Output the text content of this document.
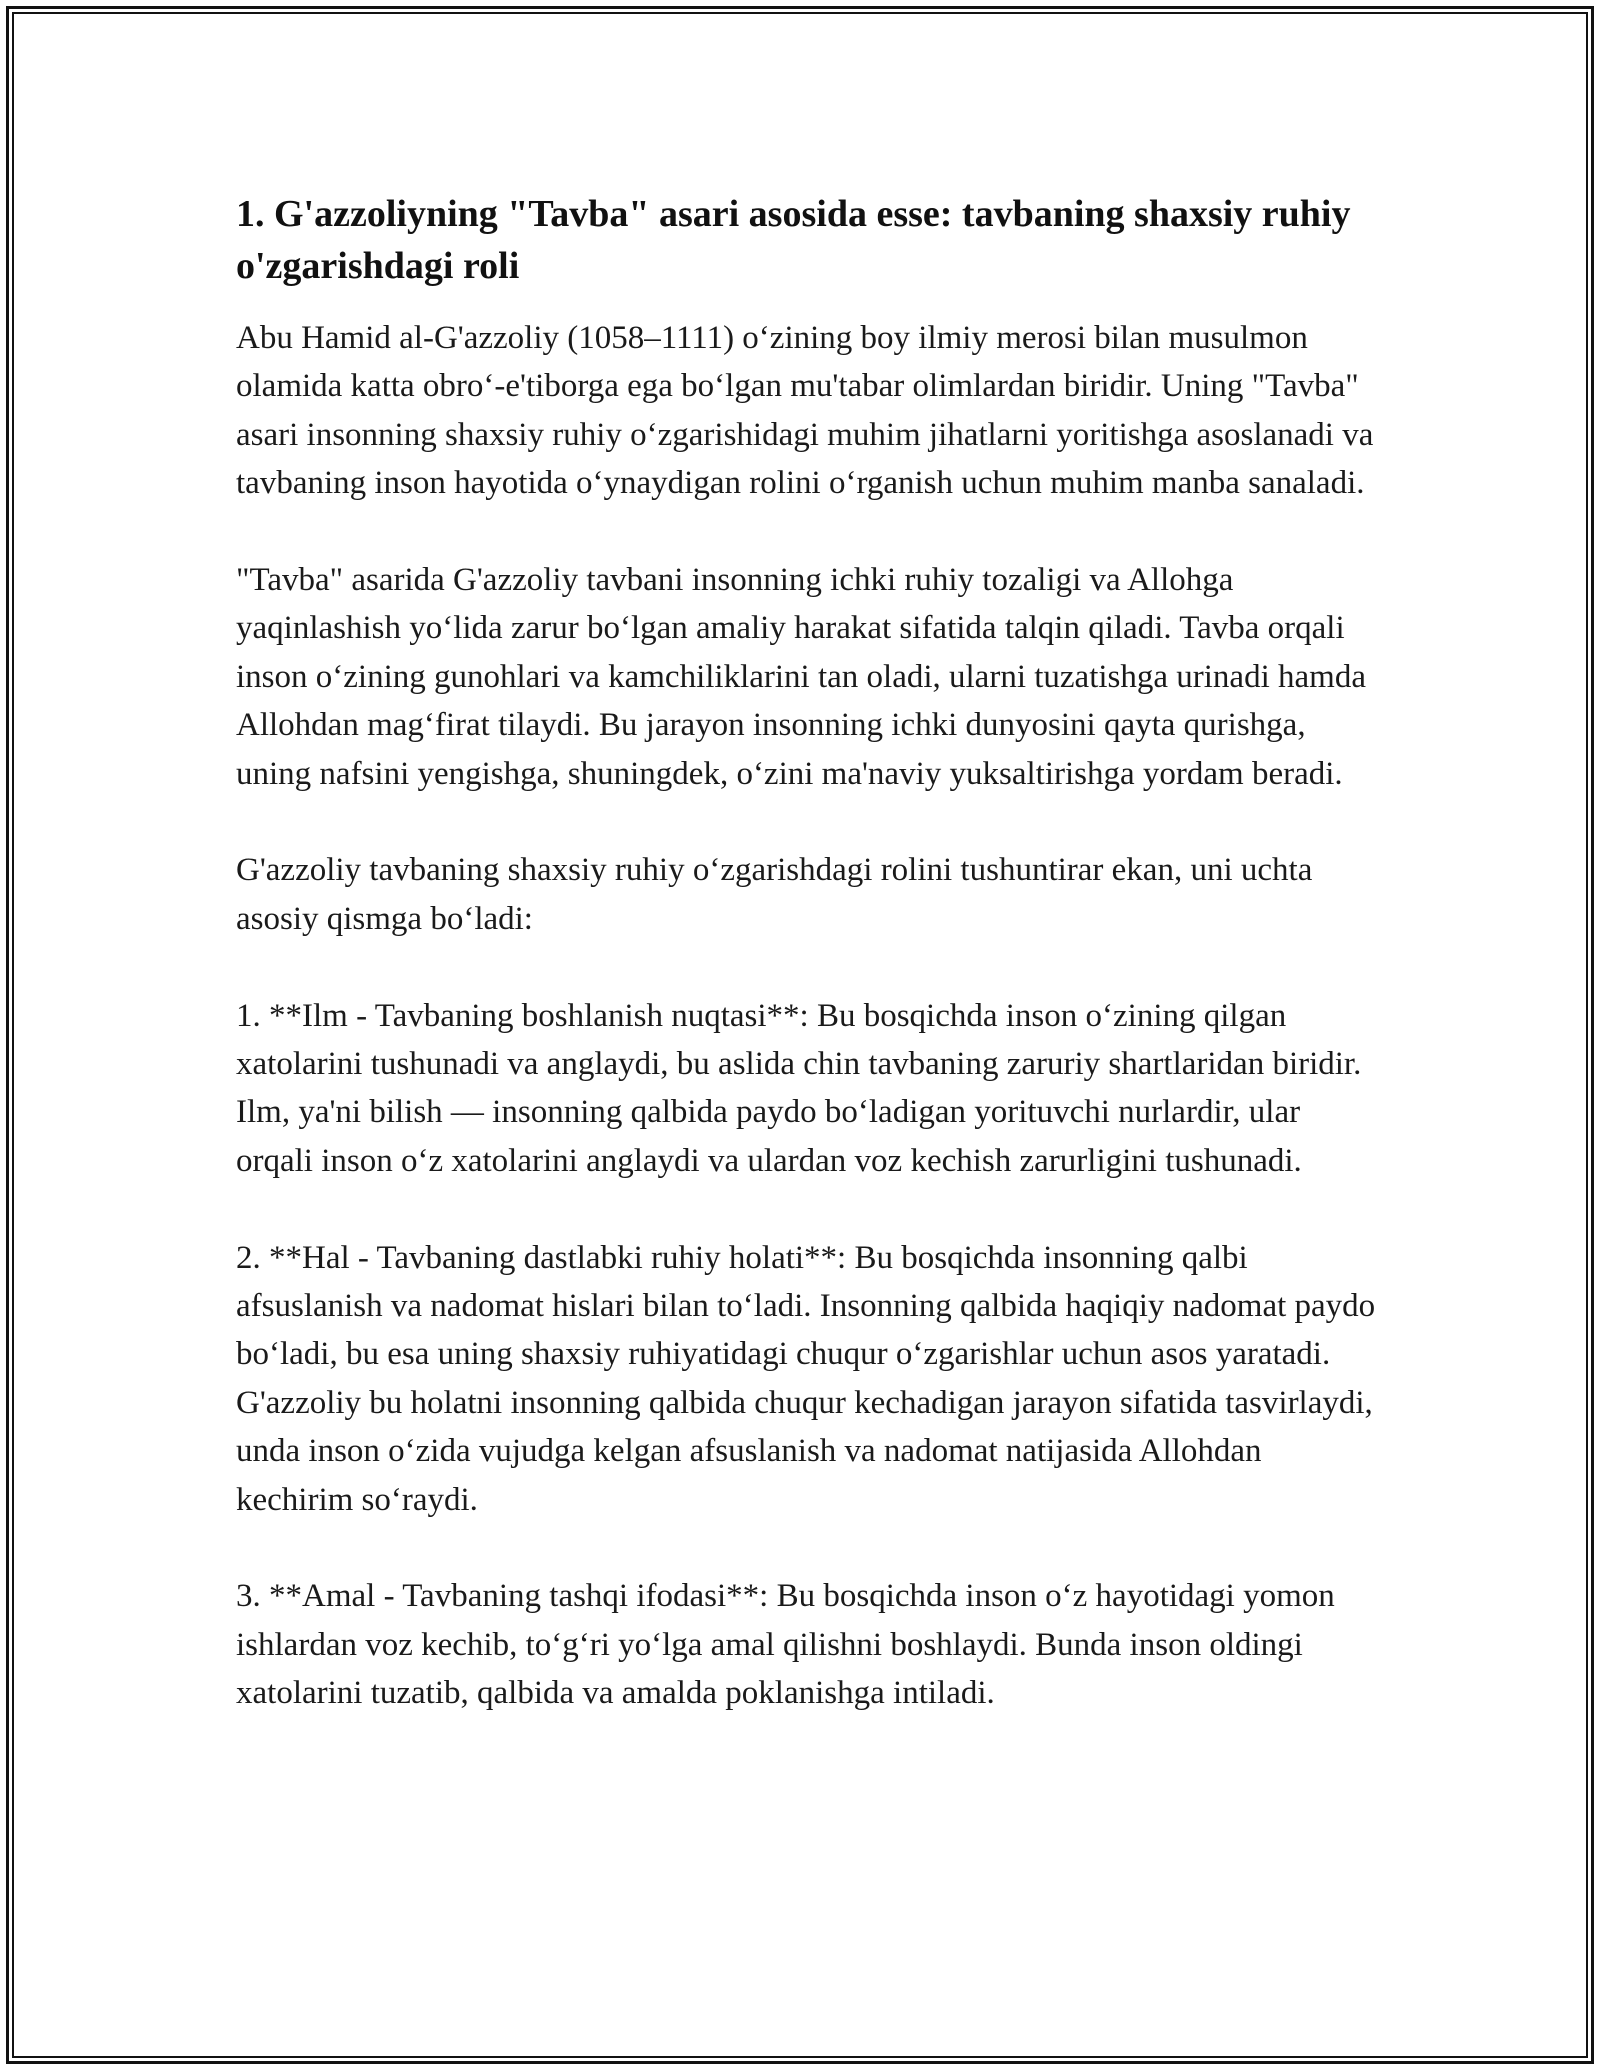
1. G'azzoliyning "Tavba" asari asosida esse: tavbaning shaxsiy ruhiy o'zgarishdagi roli

Abu Hamid al-G'azzoliy (1058–1111) o‘zining boy ilmiy merosi bilan musulmon olamida katta obro‘-e'tiborga ega bo‘lgan mu'tabar olimlardan biridir. Uning "Tavba" asari insonning shaxsiy ruhiy o‘zgarishidagi muhim jihatlarni yoritishga asoslanadi va tavbaning inson hayotida o‘ynaydigan rolini o‘rganish uchun muhim manba sanaladi.

"Tavba" asarida G'azzoliy tavbani insonning ichki ruhiy tozaligi va Allohga yaqinlashish yo‘lida zarur bo‘lgan amaliy harakat sifatida talqin qiladi. Tavba orqali inson o‘zining gunohlari va kamchiliklarini tan oladi, ularni tuzatishga urinadi hamda Allohdan mag‘firat tilaydi. Bu jarayon insonning ichki dunyosini qayta qurishga, uning nafsini yengishga, shuningdek, o‘zini ma'naviy yuksaltirishga yordam beradi.

G'azzoliy tavbaning shaxsiy ruhiy o‘zgarishdagi rolini tushuntirar ekan, uni uchta asosiy qismga bo‘ladi:

1. **Ilm - Tavbaning boshlanish nuqtasi**: Bu bosqichda inson o‘zining qilgan xatolarini tushunadi va anglaydi, bu aslida chin tavbaning zaruriy shartlaridan biridir. Ilm, ya'ni bilish — insonning qalbida paydo bo‘ladigan yorituvchi nurlardir, ular orqali inson o‘z xatolarini anglaydi va ulardan voz kechish zarurligini tushunadi.

2. **Hal - Tavbaning dastlabki ruhiy holati**: Bu bosqichda insonning qalbi afsuslanish va nadomat hislari bilan to‘ladi. Insonning qalbida haqiqiy nadomat paydo bo‘ladi, bu esa uning shaxsiy ruhiyatidagi chuqur o‘zgarishlar uchun asos yaratadi. G'azzoliy bu holatni insonning qalbida chuqur kechadigan jarayon sifatida tasvirlaydi, unda inson o‘zida vujudga kelgan afsuslanish va nadomat natijasida Allohdan kechirim so‘raydi.

3. **Amal - Tavbaning tashqi ifodasi**: Bu bosqichda inson o‘z hayotidagi yomon ishlardan voz kechib, to‘g‘ri yo‘lga amal qilishni boshlaydi. Bunda inson oldingi xatolarini tuzatib, qalbida va amalda poklanishga intiladi.
